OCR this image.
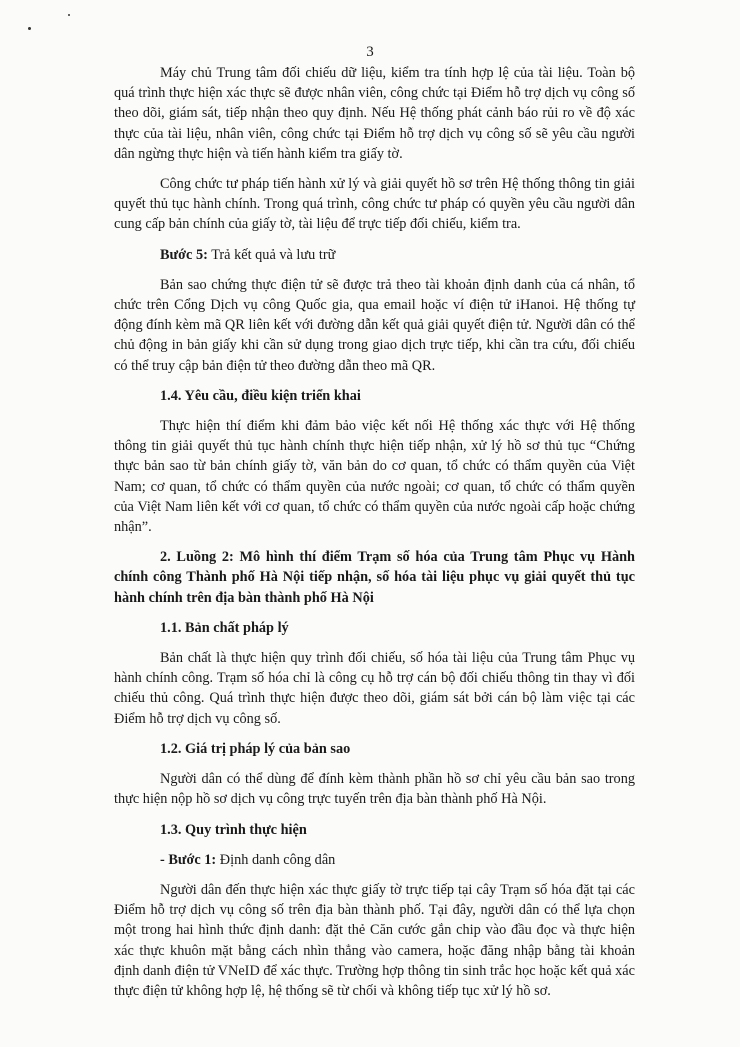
3

Máy chủ Trung tâm đối chiếu dữ liệu, kiểm tra tính hợp lệ của tài liệu. Toàn bộ quá trình thực hiện xác thực sẽ được nhân viên, công chức tại Điểm hỗ trợ dịch vụ công số theo dõi, giám sát, tiếp nhận theo quy định. Nếu Hệ thống phát cảnh báo rủi ro về độ xác thực của tài liệu, nhân viên, công chức tại Điểm hỗ trợ dịch vụ công số sẽ yêu cầu người dân ngừng thực hiện và tiến hành kiểm tra giấy tờ.

Công chức tư pháp tiến hành xử lý và giải quyết hồ sơ trên Hệ thống thông tin giải quyết thủ tục hành chính. Trong quá trình, công chức tư pháp có quyền yêu cầu người dân cung cấp bản chính của giấy tờ, tài liệu để trực tiếp đối chiếu, kiểm tra.

Bước 5: Trả kết quả và lưu trữ

Bản sao chứng thực điện tử sẽ được trả theo tài khoản định danh của cá nhân, tổ chức trên Cổng Dịch vụ công Quốc gia, qua email hoặc ví điện tử iHanoi. Hệ thống tự động đính kèm mã QR liên kết với đường dẫn kết quả giải quyết điện tử. Người dân có thể chủ động in bản giấy khi cần sử dụng trong giao dịch trực tiếp, khi cần tra cứu, đối chiếu có thể truy cập bản điện tử theo đường dẫn theo mã QR.

1.4. Yêu cầu, điều kiện triển khai

Thực hiện thí điểm khi đảm bảo việc kết nối Hệ thống xác thực với Hệ thống thông tin giải quyết thủ tục hành chính thực hiện tiếp nhận, xử lý hồ sơ thủ tục “Chứng thực bản sao từ bản chính giấy tờ, văn bản do cơ quan, tổ chức có thẩm quyền của Việt Nam; cơ quan, tổ chức có thẩm quyền của nước ngoài; cơ quan, tổ chức có thẩm quyền của Việt Nam liên kết với cơ quan, tổ chức có thẩm quyền của nước ngoài cấp hoặc chứng nhận”.

2. Luồng 2: Mô hình thí điểm Trạm số hóa của Trung tâm Phục vụ Hành chính công Thành phố Hà Nội tiếp nhận, số hóa tài liệu phục vụ giải quyết thủ tục hành chính trên địa bàn thành phố Hà Nội

1.1. Bản chất pháp lý

Bản chất là thực hiện quy trình đối chiếu, số hóa tài liệu của Trung tâm Phục vụ hành chính công. Trạm số hóa chỉ là công cụ hỗ trợ cán bộ đối chiếu thông tin thay vì đối chiếu thủ công. Quá trình thực hiện được theo dõi, giám sát bởi cán bộ làm việc tại các Điểm hỗ trợ dịch vụ công số.

1.2. Giá trị pháp lý của bản sao

Người dân có thể dùng để đính kèm thành phần hồ sơ chỉ yêu cầu bản sao trong thực hiện nộp hồ sơ dịch vụ công trực tuyến trên địa bàn thành phố Hà Nội.

1.3. Quy trình thực hiện

- Bước 1: Định danh công dân

Người dân đến thực hiện xác thực giấy tờ trực tiếp tại cây Trạm số hóa đặt tại các Điểm hỗ trợ dịch vụ công số trên địa bàn thành phố. Tại đây, người dân có thể lựa chọn một trong hai hình thức định danh: đặt thẻ Căn cước gắn chip vào đầu đọc và thực hiện xác thực khuôn mặt bằng cách nhìn thẳng vào camera, hoặc đăng nhập bằng tài khoản định danh điện tử VNeID để xác thực. Trường hợp thông tin sinh trắc học hoặc kết quả xác thực điện tử không hợp lệ, hệ thống sẽ từ chối và không tiếp tục xử lý hồ sơ.
